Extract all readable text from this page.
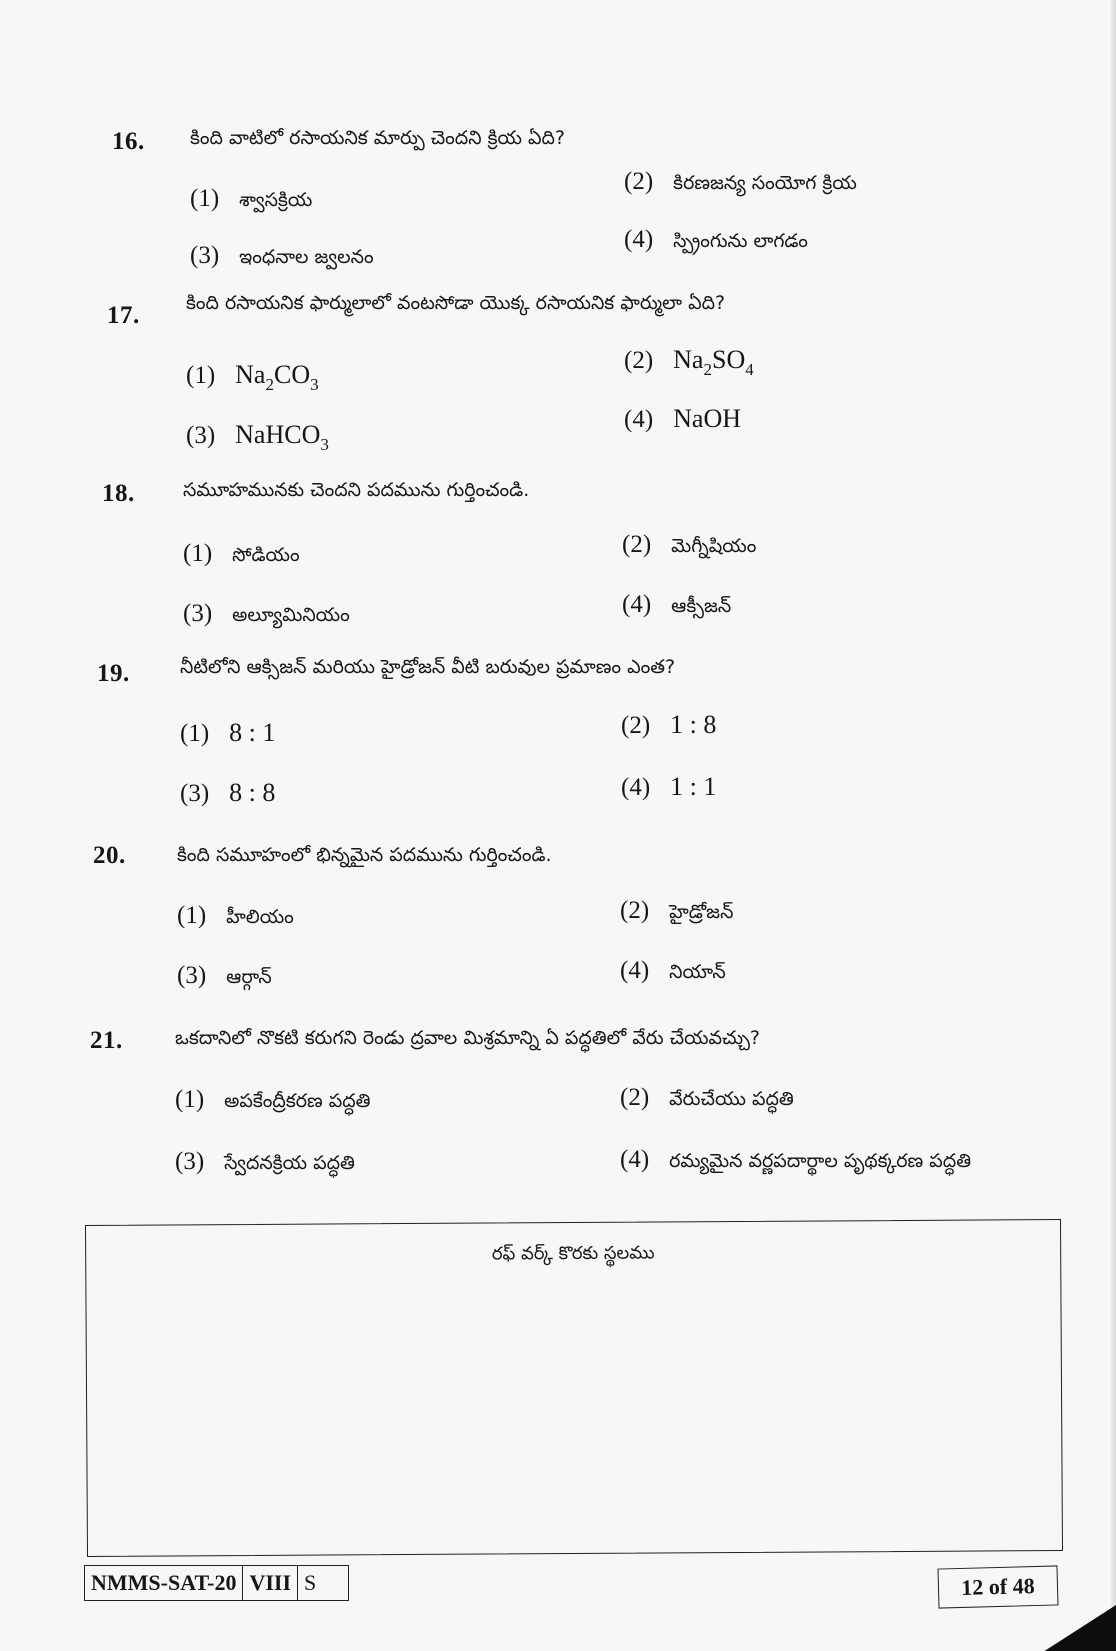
16. కింది వాటిలో రసాయనిక మార్పు చెందని క్రియ ఏది?
(1) శ్వాసక్రియ
(2) కిరణజన్య సంయోగ క్రియ
(3) ఇంధనాల జ్వలనం
(4) స్ప్రింగును లాగడం
17. కింది రసాయనిక ఫార్ములాలో వంటసోడా యొక్క రసాయనిక ఫార్ములా ఏది?
(1) $Na_2CO_3$
(2) $Na_2SO_4$
(3) NaHCO$_3$
(4) NaOH
18.	సమూహమునకు చెందని పదమును గుర్తించండి.
(1) సోడియం	(2) మెగ్నీషియం
(3) అల్యూమినియం	(4) ఆక్సీజన్
19.	నీటిలోని ఆక్సిజన్ మరియు హైడ్రోజన్ వీటి బరువుల ప్రమాణం ఎంత?
(1) 8 : 1	(2) 1 : 8
(3) 8 : 8	(4) 1 : 1
20.	కింది సమూహంలో భిన్నమైన పదమును గుర్తించండి.
(1) హీలియం	(2) హైడ్రోజన్
(3) ఆర్గాన్	(4) నియాన్
21.	ఒకదానిలో నొకటి కరుగని రెండు ద్రవాల మిశ్రమాన్ని ఏ పద్ధతిలో వేరు చేయవచ్చు?
(1) అపకేంద్రీకరణ పద్ధతి	(2) వేరుచేయు పద్ధతి
(3) స్వేదనక్రియ పద్ధతి	(4) రమ్యమైన వర్ణపదార్థాల పృథక్కరణ పద్ధతి
రఫ్ వర్క్ కొరకు స్థలము
NMMS-SAT-20 VIII S	12 of 48
